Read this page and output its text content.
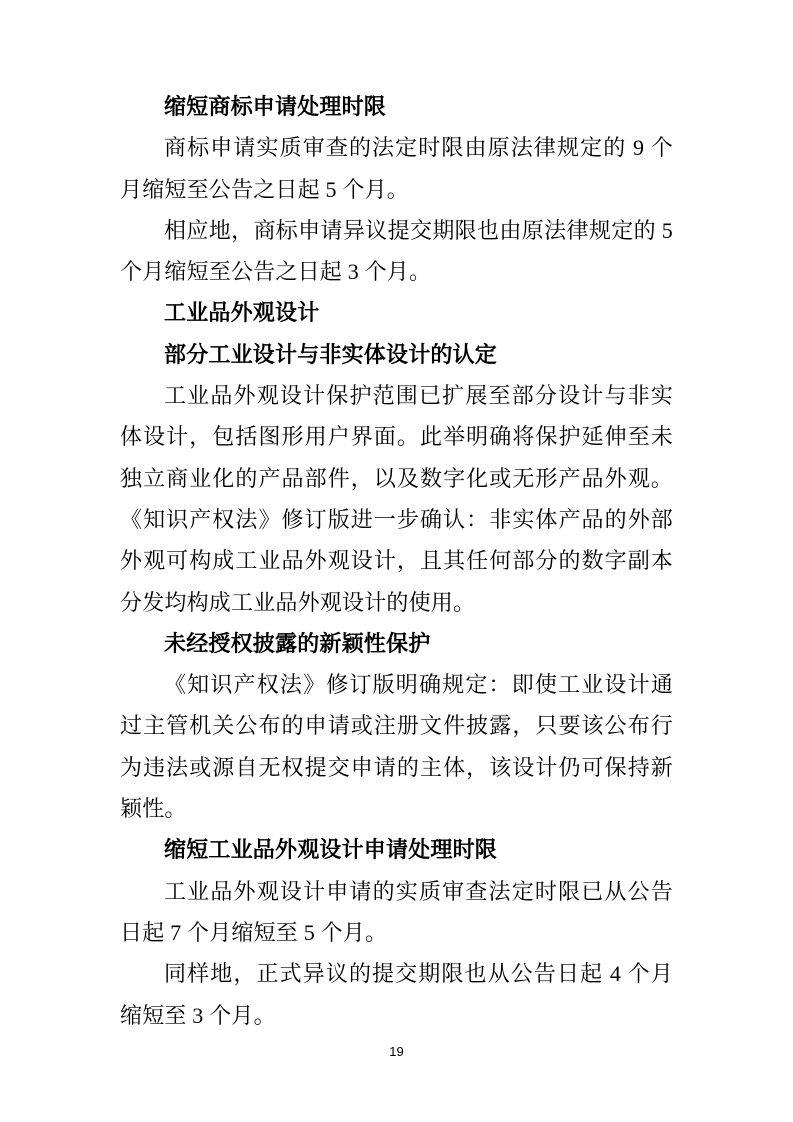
缩短商标申请处理时限

商标申请实质审查的法定时限由原法律规定的 9 个月缩短至公告之日起 5 个月。

相应地，商标申请异议提交期限也由原法律规定的 5 个月缩短至公告之日起 3 个月。

工业品外观设计

部分工业设计与非实体设计的认定

工业品外观设计保护范围已扩展至部分设计与非实体设计，包括图形用户界面。此举明确将保护延伸至未独立商业化的产品部件，以及数字化或无形产品外观。《知识产权法》修订版进一步确认：非实体产品的外部外观可构成工业品外观设计，且其任何部分的数字副本分发均构成工业品外观设计的使用。

未经授权披露的新颖性保护

《知识产权法》修订版明确规定：即使工业设计通过主管机关公布的申请或注册文件披露，只要该公布行为违法或源自无权提交申请的主体，该设计仍可保持新颖性。

缩短工业品外观设计申请处理时限

工业品外观设计申请的实质审查法定时限已从公告日起 7 个月缩短至 5 个月。

同样地，正式异议的提交期限也从公告日起 4 个月缩短至 3 个月。

19
